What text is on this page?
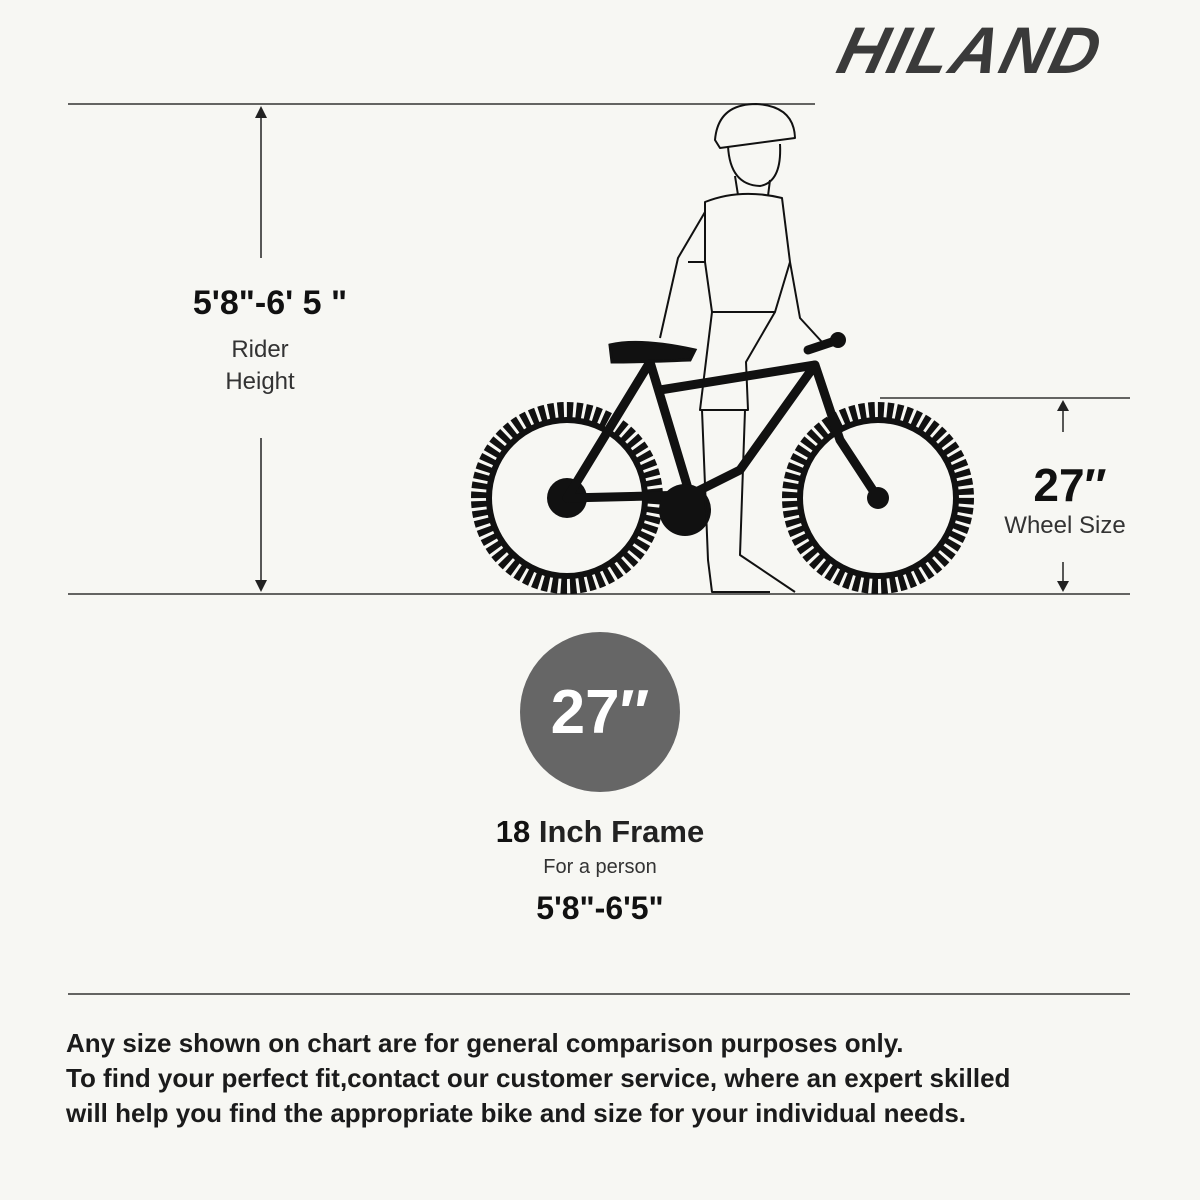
HILAND
5'8"-6' 5 "
Rider
Height
27″
Wheel Size
27″
18 Inch Frame
For a person
5'8"-6'5"
Any size shown on chart are for general comparison purposes only.
To find your perfect fit,contact our customer service, where an expert skilled
will help you find the appropriate bike and size for your individual needs.
